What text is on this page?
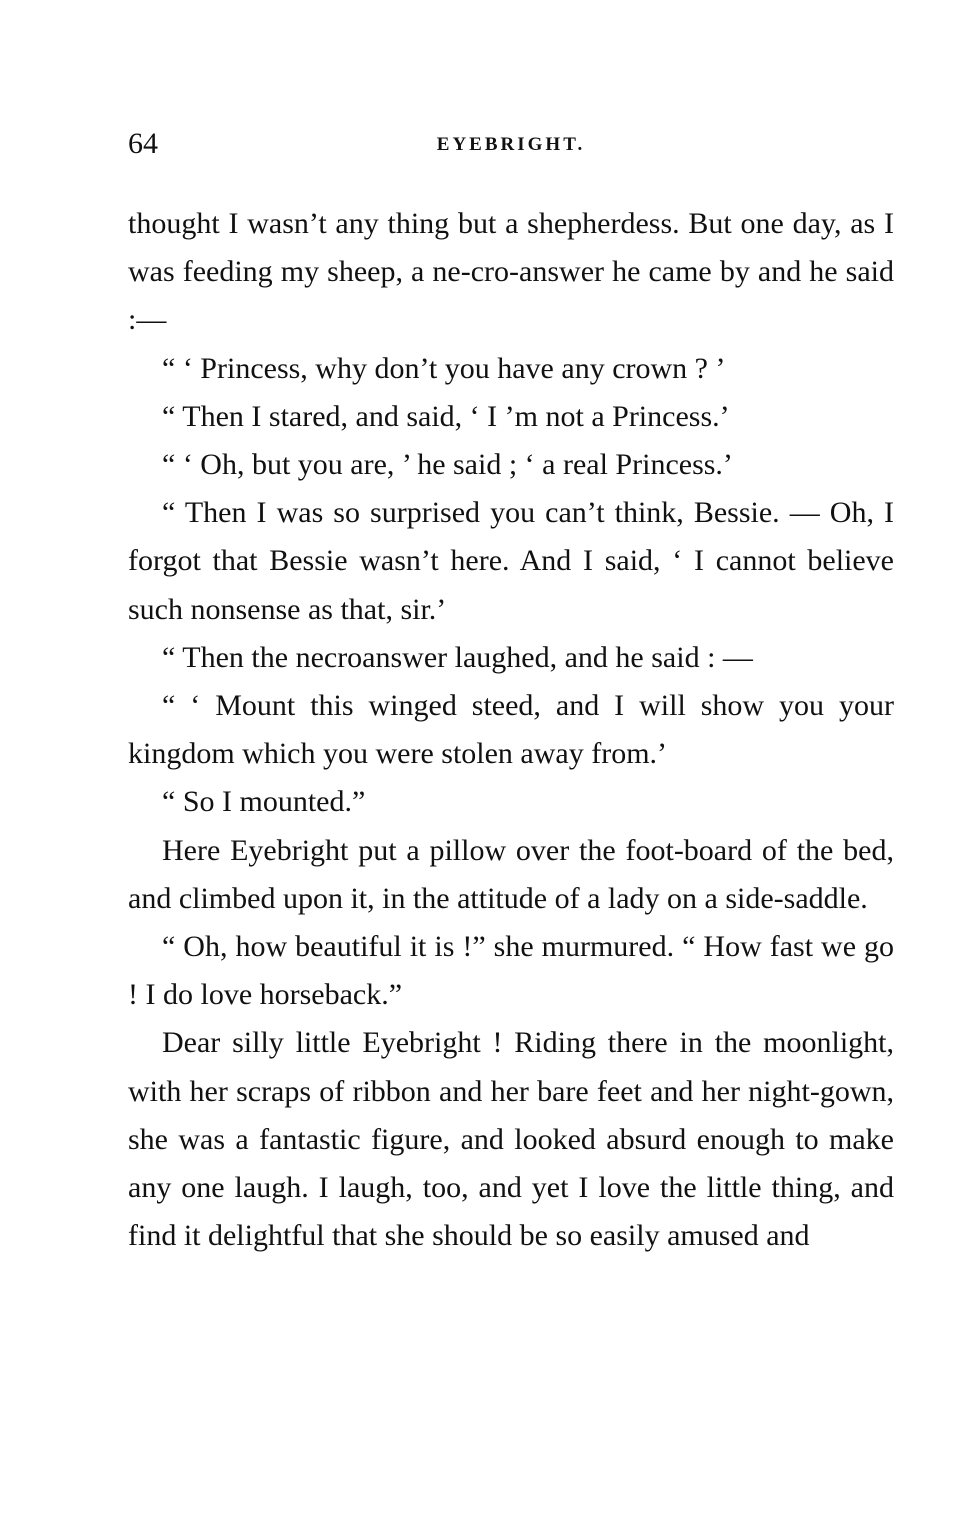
64	EYEBRIGHT.

thought I wasn’t any thing but a shepherdess. But one day, as I was feeding my sheep, a ne-cro-answer he came by and he said :—

“ ‘ Princess, why don’t you have any crown ? ’

“ Then I stared, and said, ‘ I ’m not a Princess.’

“ ‘ Oh, but you are, ’ he said ; ‘ a real Princess.’

“ Then I was so surprised you can’t think, Bessie. — Oh, I forgot that Bessie wasn’t here. And I said, ‘ I cannot believe such nonsense as that, sir.’

“ Then the necroanswer laughed, and he said : —

“ ‘ Mount this winged steed, and I will show you your kingdom which you were stolen away from.’

“ So I mounted.”

Here Eyebright put a pillow over the foot-board of the bed, and climbed upon it, in the attitude of a lady on a side-saddle.

“ Oh, how beautiful it is !” she murmured. “ How fast we go ! I do love horseback.”

Dear silly little Eyebright ! Riding there in the moonlight, with her scraps of ribbon and her bare feet and her night-gown, she was a fantastic figure, and looked absurd enough to make any one laugh. I laugh, too, and yet I love the little thing, and find it delightful that she should be so easily amused and
